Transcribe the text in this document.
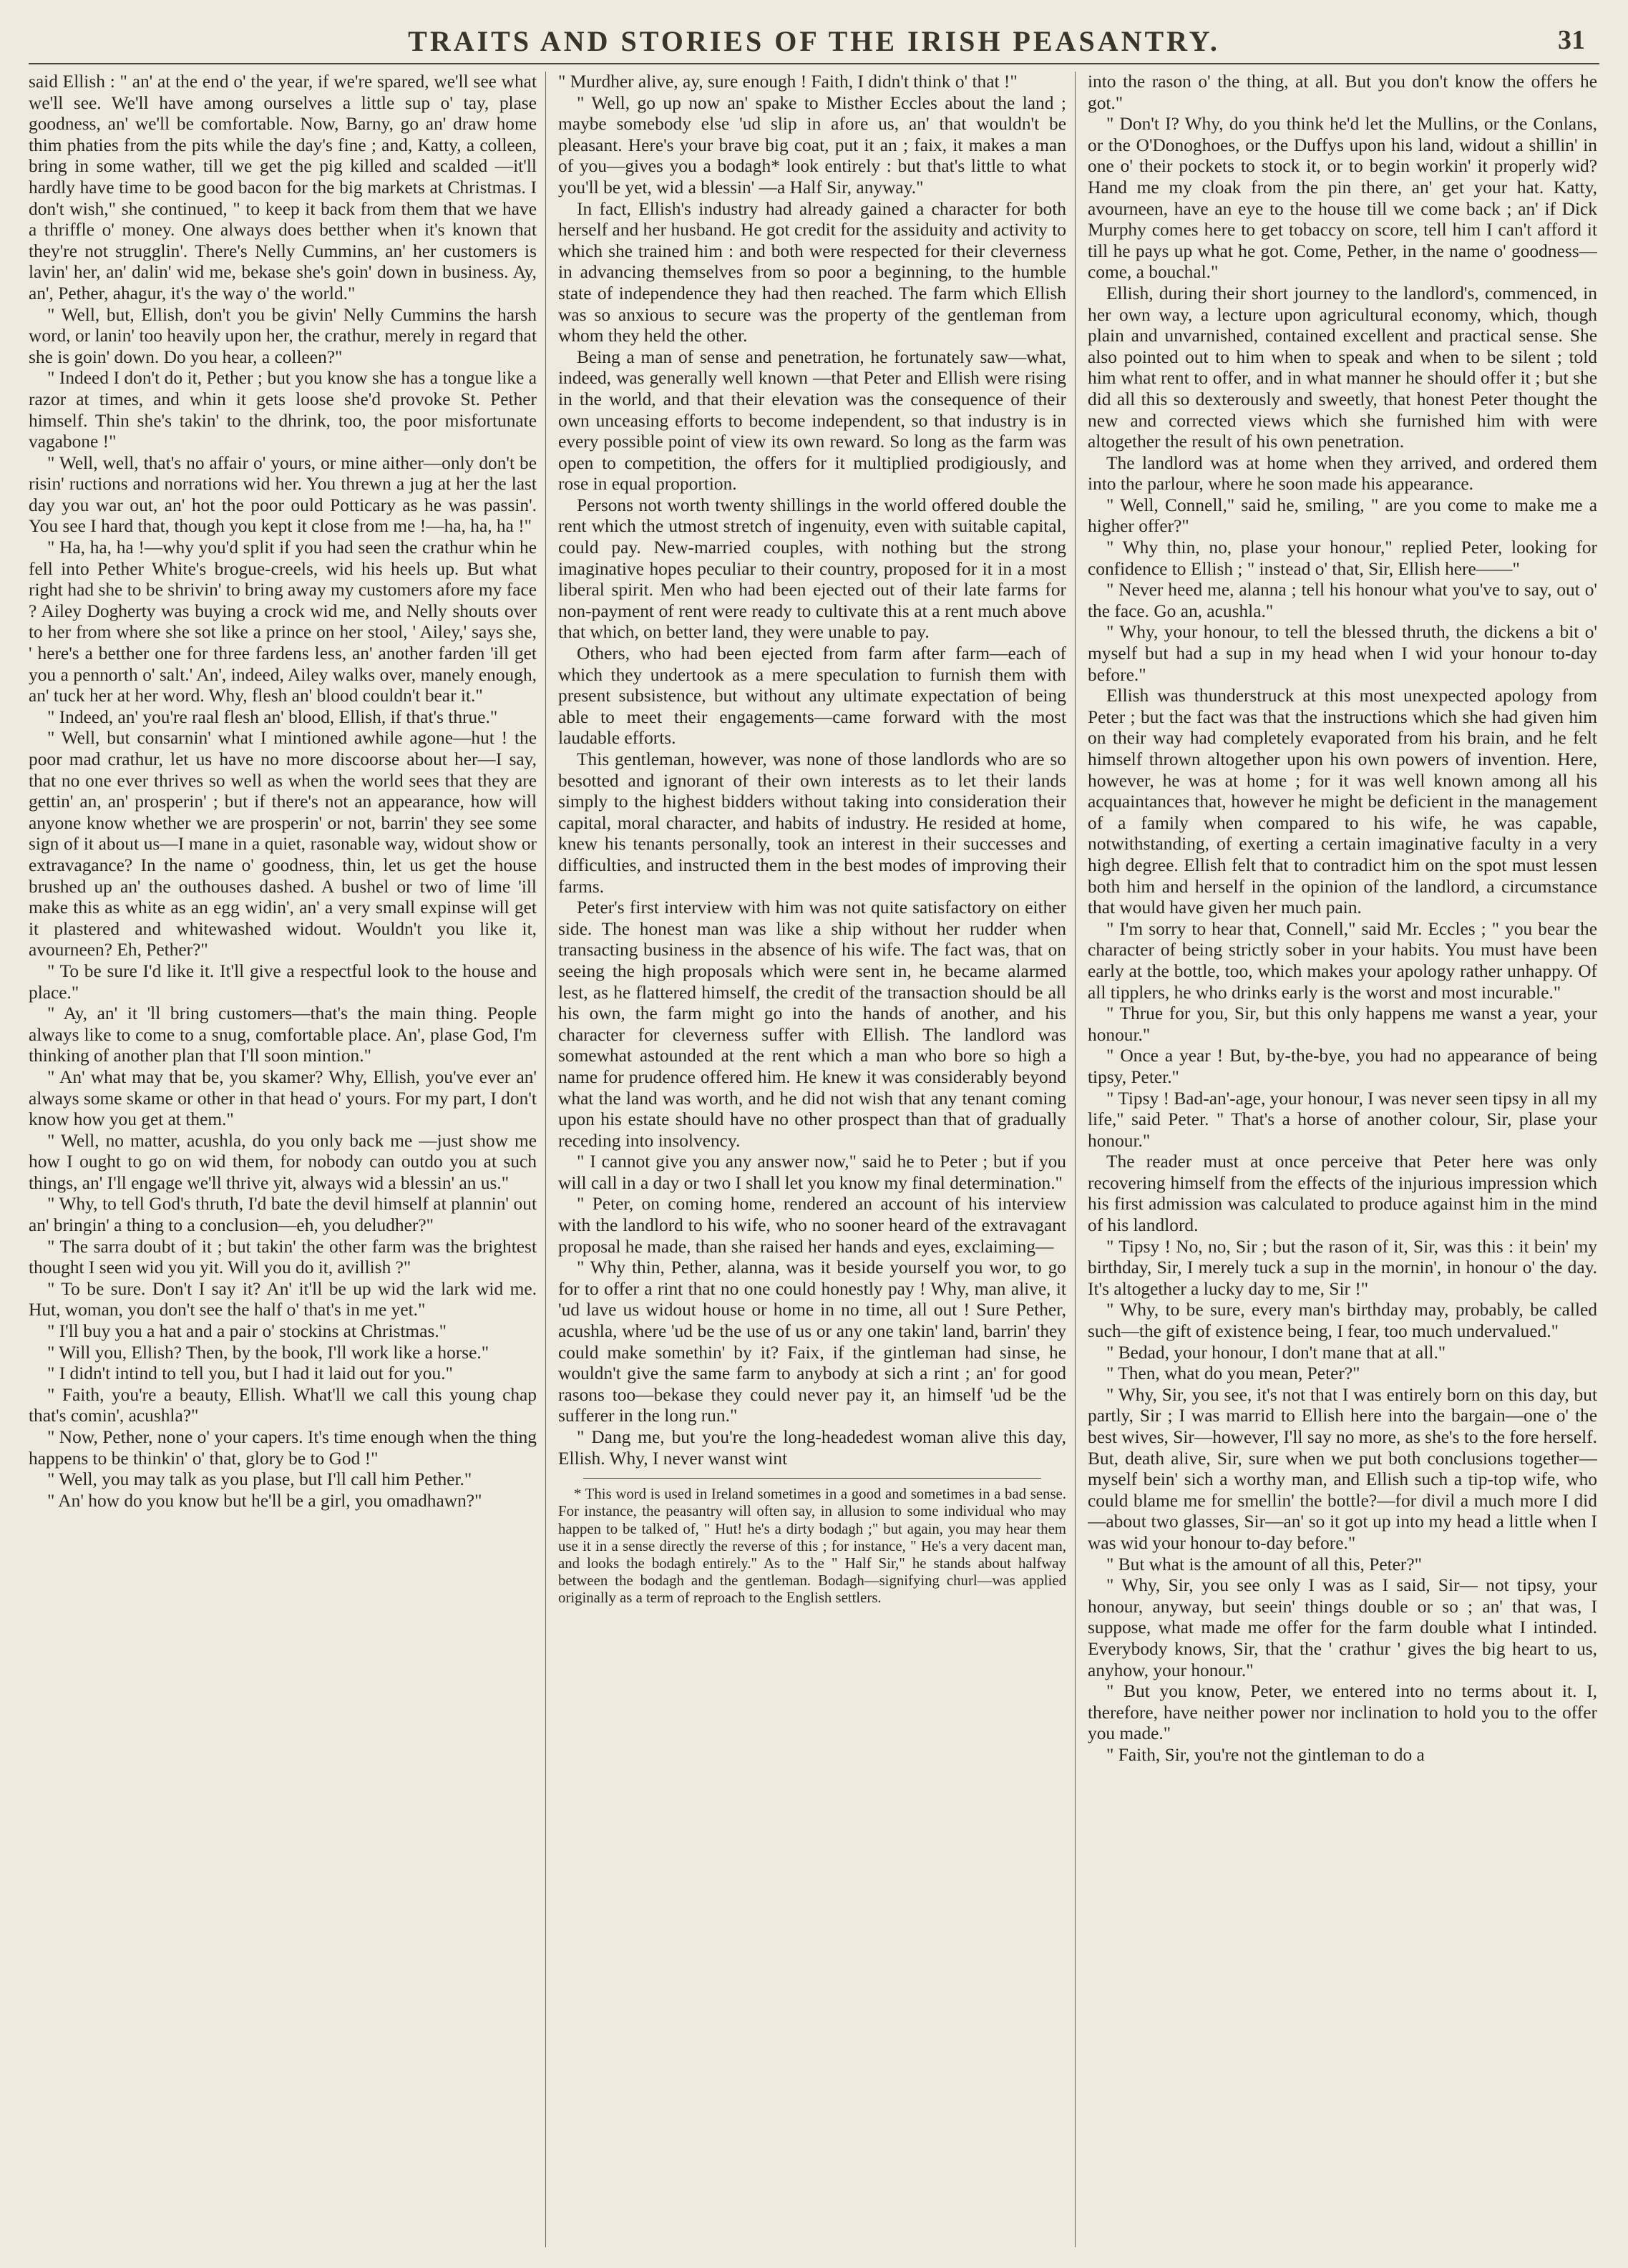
TRAITS AND STORIES OF THE IRISH PEASANTRY.	31

said Ellish : " an' at the end o' the year, if we're spared, we'll see what we'll see. We'll have among ourselves a little sup o' tay, plase goodness, an' we'll be comfortable. Now, Barny, go an' draw home thim phaties from the pits while the day's fine ; and, Katty, a colleen, bring in some wather, till we get the pig killed and scalded —it'll hardly have time to be good bacon for the big markets at Christmas. I don't wish," she continued, " to keep it back from them that we have a thriffle o' money. One always does betther when it's known that they're not strugglin'. There's Nelly Cummins, an' her customers is lavin' her, an' dalin' wid me, bekase she's goin' down in business. Ay, an', Pether, ahagur, it's the way o' the world."

" Well, but, Ellish, don't you be givin' Nelly Cummins the harsh word, or lanin' too heavily upon her, the crathur, merely in regard that she is goin' down. Do you hear, a colleen?"

" Indeed I don't do it, Pether ; but you know she has a tongue like a razor at times, and whin it gets loose she'd provoke St. Pether himself. Thin she's takin' to the dhrink, too, the poor misfortunate vagabone !"

" Well, well, that's no affair o' yours, or mine aither—only don't be risin' ructions and norrations wid her. You threwn a jug at her the last day you war out, an' hot the poor ould Potticary as he was passin'. You see I hard that, though you kept it close from me !—ha, ha, ha !"

" Ha, ha, ha !—why you'd split if you had seen the crathur whin he fell into Pether White's brogue-creels, wid his heels up. But what right had she to be shrivin' to bring away my customers afore my face ? Ailey Dogherty was buying a crock wid me, and Nelly shouts over to her from where she sot like a prince on her stool, ' Ailey,' says she, ' here's a betther one for three fardens less, an' another farden 'ill get you a pennorth o' salt.' An', indeed, Ailey walks over, manely enough, an' tuck her at her word. Why, flesh an' blood couldn't bear it."

" Indeed, an' you're raal flesh an' blood, Ellish, if that's thrue."

" Well, but consarnin' what I mintioned awhile agone—hut ! the poor mad crathur, let us have no more discoorse about her—I say, that no one ever thrives so well as when the world sees that they are gettin' an, an' prosperin' ; but if there's not an appearance, how will anyone know whether we are prosperin' or not, barrin' they see some sign of it about us—I mane in a quiet, rasonable way, widout show or extravagance? In the name o' goodness, thin, let us get the house brushed up an' the outhouses dashed. A bushel or two of lime 'ill make this as white as an egg widin', an' a very small expinse will get it plastered and whitewashed widout. Wouldn't you like it, avourneen? Eh, Pether?"

" To be sure I'd like it. It'll give a respectful look to the house and place."

" Ay, an' it 'll bring customers—that's the main thing. People always like to come to a snug, comfortable place. An', plase God, I'm thinking of another plan that I'll soon mintion."

" An' what may that be, you skamer? Why, Ellish, you've ever an' always some skame or other in that head o' yours. For my part, I don't know how you get at them."

" Well, no matter, acushla, do you only back me —just show me how I ought to go on wid them, for nobody can outdo you at such things, an' I'll engage we'll thrive yit, always wid a blessin' an us."

" Why, to tell God's thruth, I'd bate the devil himself at plannin' out an' bringin' a thing to a conclusion—eh, you deludher?"

" The sarra doubt of it ; but takin' the other farm was the brightest thought I seen wid you yit. Will you do it, avillish ?"

" To be sure. Don't I say it? An' it'll be up wid the lark wid me. Hut, woman, you don't see the half o' that's in me yet."

" I'll buy you a hat and a pair o' stockins at Christmas."

" Will you, Ellish? Then, by the book, I'll work like a horse."

" I didn't intind to tell you, but I had it laid out for you."

" Faith, you're a beauty, Ellish. What'll we call this young chap that's comin', acushla?"

" Now, Pether, none o' your capers. It's time enough when the thing happens to be thinkin' o' that, glory be to God !"

" Well, you may talk as you plase, but I'll call him Pether."

" An' how do you know but he'll be a girl, you omadhawn?"

" Murdher alive, ay, sure enough ! Faith, I didn't think o' that !"

" Well, go up now an' spake to Misther Eccles about the land ; maybe somebody else 'ud slip in afore us, an' that wouldn't be pleasant. Here's your brave big coat, put it an ; faix, it makes a man of you—gives you a bodagh* look entirely : but that's little to what you'll be yet, wid a blessin' —a Half Sir, anyway."

In fact, Ellish's industry had already gained a character for both herself and her husband. He got credit for the assiduity and activity to which she trained him : and both were respected for their cleverness in advancing themselves from so poor a beginning, to the humble state of independence they had then reached. The farm which Ellish was so anxious to secure was the property of the gentleman from whom they held the other.

Being a man of sense and penetration, he fortunately saw—what, indeed, was generally well known —that Peter and Ellish were rising in the world, and that their elevation was the consequence of their own unceasing efforts to become independent, so that industry is in every possible point of view its own reward. So long as the farm was open to competition, the offers for it multiplied prodigiously, and rose in equal proportion.

Persons not worth twenty shillings in the world offered double the rent which the utmost stretch of ingenuity, even with suitable capital, could pay. New-married couples, with nothing but the strong imaginative hopes peculiar to their country, proposed for it in a most liberal spirit. Men who had been ejected out of their late farms for non-payment of rent were ready to cultivate this at a rent much above that which, on better land, they were unable to pay.

Others, who had been ejected from farm after farm—each of which they undertook as a mere speculation to furnish them with present subsistence, but without any ultimate expectation of being able to meet their engagements—came forward with the most laudable efforts.

This gentleman, however, was none of those landlords who are so besotted and ignorant of their own interests as to let their lands simply to the highest bidders without taking into consideration their capital, moral character, and habits of industry. He resided at home, knew his tenants personally, took an interest in their successes and difficulties, and instructed them in the best modes of improving their farms.

Peter's first interview with him was not quite satisfactory on either side. The honest man was like a ship without her rudder when transacting business in the absence of his wife. The fact was, that on seeing the high proposals which were sent in, he became alarmed lest, as he flattered himself, the credit of the transaction should be all his own, the farm might go into the hands of another, and his character for cleverness suffer with Ellish. The landlord was somewhat astounded at the rent which a man who bore so high a name for prudence offered him. He knew it was considerably beyond what the land was worth, and he did not wish that any tenant coming upon his estate should have no other prospect than that of gradually receding into insolvency.

" I cannot give you any answer now," said he to Peter ; but if you will call in a day or two I shall let you know my final determination."

" Peter, on coming home, rendered an account of his interview with the landlord to his wife, who no sooner heard of the extravagant proposal he made, than she raised her hands and eyes, exclaiming—

" Why thin, Pether, alanna, was it beside yourself you wor, to go for to offer a rint that no one could honestly pay ! Why, man alive, it 'ud lave us widout house or home in no time, all out ! Sure Pether, acushla, where 'ud be the use of us or any one takin' land, barrin' they could make somethin' by it? Faix, if the gintleman had sinse, he wouldn't give the same farm to anybody at sich a rint ; an' for good rasons too—bekase they could never pay it, an himself 'ud be the sufferer in the long run."

" Dang me, but you're the long-headedest woman alive this day, Ellish. Why, I never wanst wint

* This word is used in Ireland sometimes in a good and sometimes in a bad sense. For instance, the peasantry will often say, in allusion to some individual who may happen to be talked of, " Hut! he's a dirty bodagh ;" but again, you may hear them use it in a sense directly the reverse of this ; for instance, " He's a very dacent man, and looks the bodagh entirely." As to the " Half Sir," he stands about halfway between the bodagh and the gentleman. Bodagh—signifying churl—was applied originally as a term of reproach to the English settlers.

into the rason o' the thing, at all. But you don't know the offers he got."

" Don't I? Why, do you think he'd let the Mullins, or the Conlans, or the O'Donoghoes, or the Duffys upon his land, widout a shillin' in one o' their pockets to stock it, or to begin workin' it properly wid? Hand me my cloak from the pin there, an' get your hat. Katty, avourneen, have an eye to the house till we come back ; an' if Dick Murphy comes here to get tobaccy on score, tell him I can't afford it till he pays up what he got. Come, Pether, in the name o' goodness—come, a bouchal."

Ellish, during their short journey to the landlord's, commenced, in her own way, a lecture upon agricultural economy, which, though plain and unvarnished, contained excellent and practical sense. She also pointed out to him when to speak and when to be silent ; told him what rent to offer, and in what manner he should offer it ; but she did all this so dexterously and sweetly, that honest Peter thought the new and corrected views which she furnished him with were altogether the result of his own penetration.

The landlord was at home when they arrived, and ordered them into the parlour, where he soon made his appearance.

" Well, Connell," said he, smiling, " are you come to make me a higher offer?"

" Why thin, no, plase your honour," replied Peter, looking for confidence to Ellish ; " instead o' that, Sir, Ellish here——"

" Never heed me, alanna ; tell his honour what you've to say, out o' the face. Go an, acushla."

" Why, your honour, to tell the blessed thruth, the dickens a bit o' myself but had a sup in my head when I wid your honour to-day before."

Ellish was thunderstruck at this most unexpected apology from Peter ; but the fact was that the instructions which she had given him on their way had completely evaporated from his brain, and he felt himself thrown altogether upon his own powers of invention. Here, however, he was at home ; for it was well known among all his acquaintances that, however he might be deficient in the management of a family when compared to his wife, he was capable, notwithstanding, of exerting a certain imaginative faculty in a very high degree. Ellish felt that to contradict him on the spot must lessen both him and herself in the opinion of the landlord, a circumstance that would have given her much pain.

" I'm sorry to hear that, Connell," said Mr. Eccles ; " you bear the character of being strictly sober in your habits. You must have been early at the bottle, too, which makes your apology rather unhappy. Of all tipplers, he who drinks early is the worst and most incurable."

" Thrue for you, Sir, but this only happens me wanst a year, your honour."

" Once a year ! But, by-the-bye, you had no appearance of being tipsy, Peter."

" Tipsy ! Bad-an'-age, your honour, I was never seen tipsy in all my life," said Peter. " That's a horse of another colour, Sir, plase your honour."

The reader must at once perceive that Peter here was only recovering himself from the effects of the injurious impression which his first admission was calculated to produce against him in the mind of his landlord.

" Tipsy ! No, no, Sir ; but the rason of it, Sir, was this : it bein' my birthday, Sir, I merely tuck a sup in the mornin', in honour o' the day. It's altogether a lucky day to me, Sir !"

" Why, to be sure, every man's birthday may, probably, be called such—the gift of existence being, I fear, too much undervalued."

" Bedad, your honour, I don't mane that at all."

" Then, what do you mean, Peter?"

" Why, Sir, you see, it's not that I was entirely born on this day, but partly, Sir ; I was marrid to Ellish here into the bargain—one o' the best wives, Sir—however, I'll say no more, as she's to the fore herself. But, death alive, Sir, sure when we put both conclusions together—myself bein' sich a worthy man, and Ellish such a tip-top wife, who could blame me for smellin' the bottle?—for divil a much more I did—about two glasses, Sir—an' so it got up into my head a little when I was wid your honour to-day before."

" But what is the amount of all this, Peter?"

" Why, Sir, you see only I was as I said, Sir— not tipsy, your honour, anyway, but seein' things double or so ; an' that was, I suppose, what made me offer for the farm double what I intinded. Everybody knows, Sir, that the ' crathur ' gives the big heart to us, anyhow, your honour."

" But you know, Peter, we entered into no terms about it. I, therefore, have neither power nor inclination to hold you to the offer you made."

" Faith, Sir, you're not the gintleman to do a
